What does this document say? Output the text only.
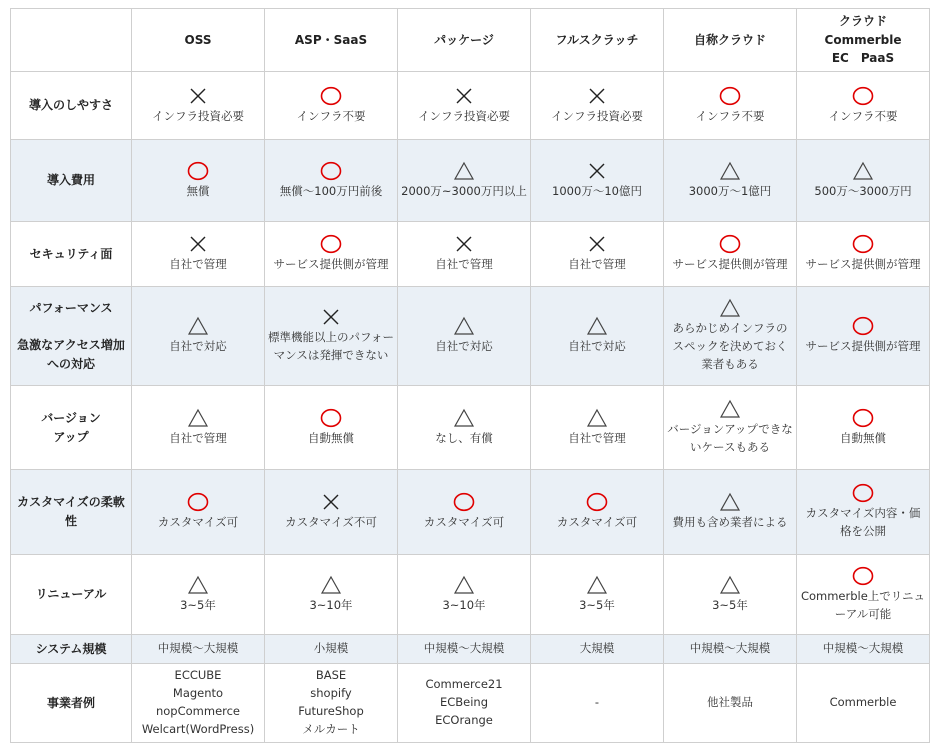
	OSS	ASP・SaaS	パッケージ	フルスクラッチ	自称クラウド	クラウド
Commerble
EC　PaaS

導入のしやすさ	インフラ投資必要	インフラ不要	インフラ投資必要	インフラ投資必要	インフラ不要	インフラ不要

導入費用	無償	無償～100万円前後	2000万~3000万円以上	1000万～10億円	3000万～1億円	500万～3000万円

セキュリティ面	自社で管理	サービス提供側が管理	自社で管理	自社で管理	サービス提供側が管理	サービス提供側が管理

パフォーマンス

急激なアクセス増加
への対応	自社で対応	標準機能以上のパフォーマンスは発揮できない	自社で対応	自社で対応	あらかじめインフラのスペックを決めておく業者もある	サービス提供側が管理

バージョン
アップ	自社で管理	自動無償	なし、有償	自社で管理	バージョンアップできないケースもある	自動無償

カスタマイズの柔軟
性	カスタマイズ可	カスタマイズ不可	カスタマイズ可	カスタマイズ可	費用も含め業者による	カスタマイズ内容・価格を公開

リニューアル	3~5年	3~10年	3~10年	3~5年	3~5年	Commerble上でリニューアル可能

システム規模	中規模～大規模	小規模	中規模～大規模	大規模	中規模～大規模	中規模～大規模

事業者例	ECCUBE
Magento
nopCommerce
Welcart(WordPress)	BASE
shopify
FutureShop
メルカート	Commerce21
ECBeing
ECOrange	-	他社製品	Commerble
